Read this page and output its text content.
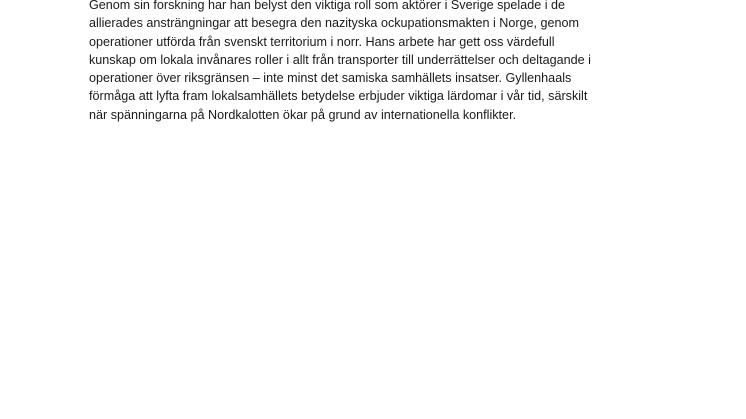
Genom sin forskning har han belyst den viktiga roll som aktörer i Sverige spelade i de
allierades ansträngningar att besegra den nazityska ockupationsmakten i Norge, genom
operationer utförda från svenskt territorium i norr. Hans arbete har gett oss värdefull
kunskap om lokala invånares roller i allt från transporter till underrättelser och deltagande i
operationer över riksgränsen – inte minst det samiska samhällets insatser. Gyllenhaals
förmåga att lyfta fram lokalsamhällets betydelse erbjuder viktiga lärdomar i vår tid, särskilt
när spänningarna på Nordkalotten ökar på grund av internationella konflikter.
